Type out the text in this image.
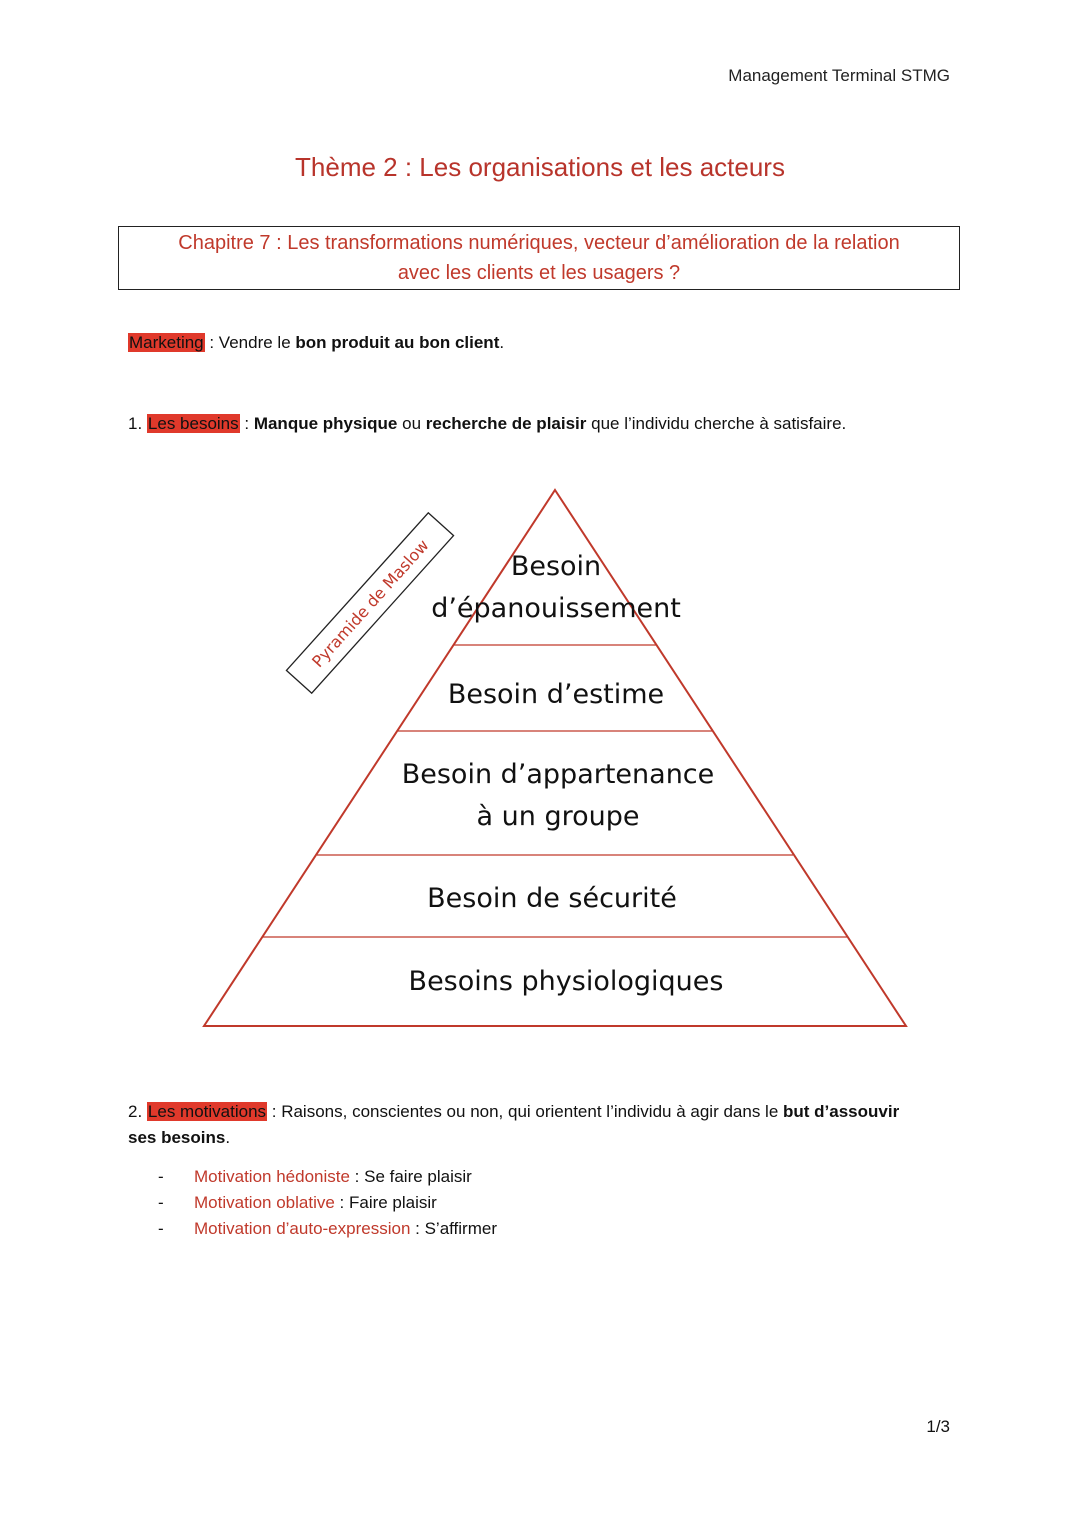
Management Terminal STMG
Thème 2 : Les organisations et les acteurs
Chapitre 7 : Les transformations numériques, vecteur d’amélioration de la relation
avec les clients et les usagers ?
Marketing : Vendre le bon produit au bon client.
1. Les besoins : Manque physique ou recherche de plaisir que l’individu cherche à satisfaire.
Besoin
d’épanouissement
Besoin d’estime
Besoin d’appartenance
à un groupe
Besoin de sécurité
Besoins physiologiques
Pyramide de Maslow
2. Les motivations : Raisons, conscientes ou non, qui orientent l’individu à agir dans le but d’assouvir
ses besoins.
- Motivation hédoniste : Se faire plaisir
- Motivation oblative : Faire plaisir
- Motivation d’auto-expression : S’affirmer
1/3
